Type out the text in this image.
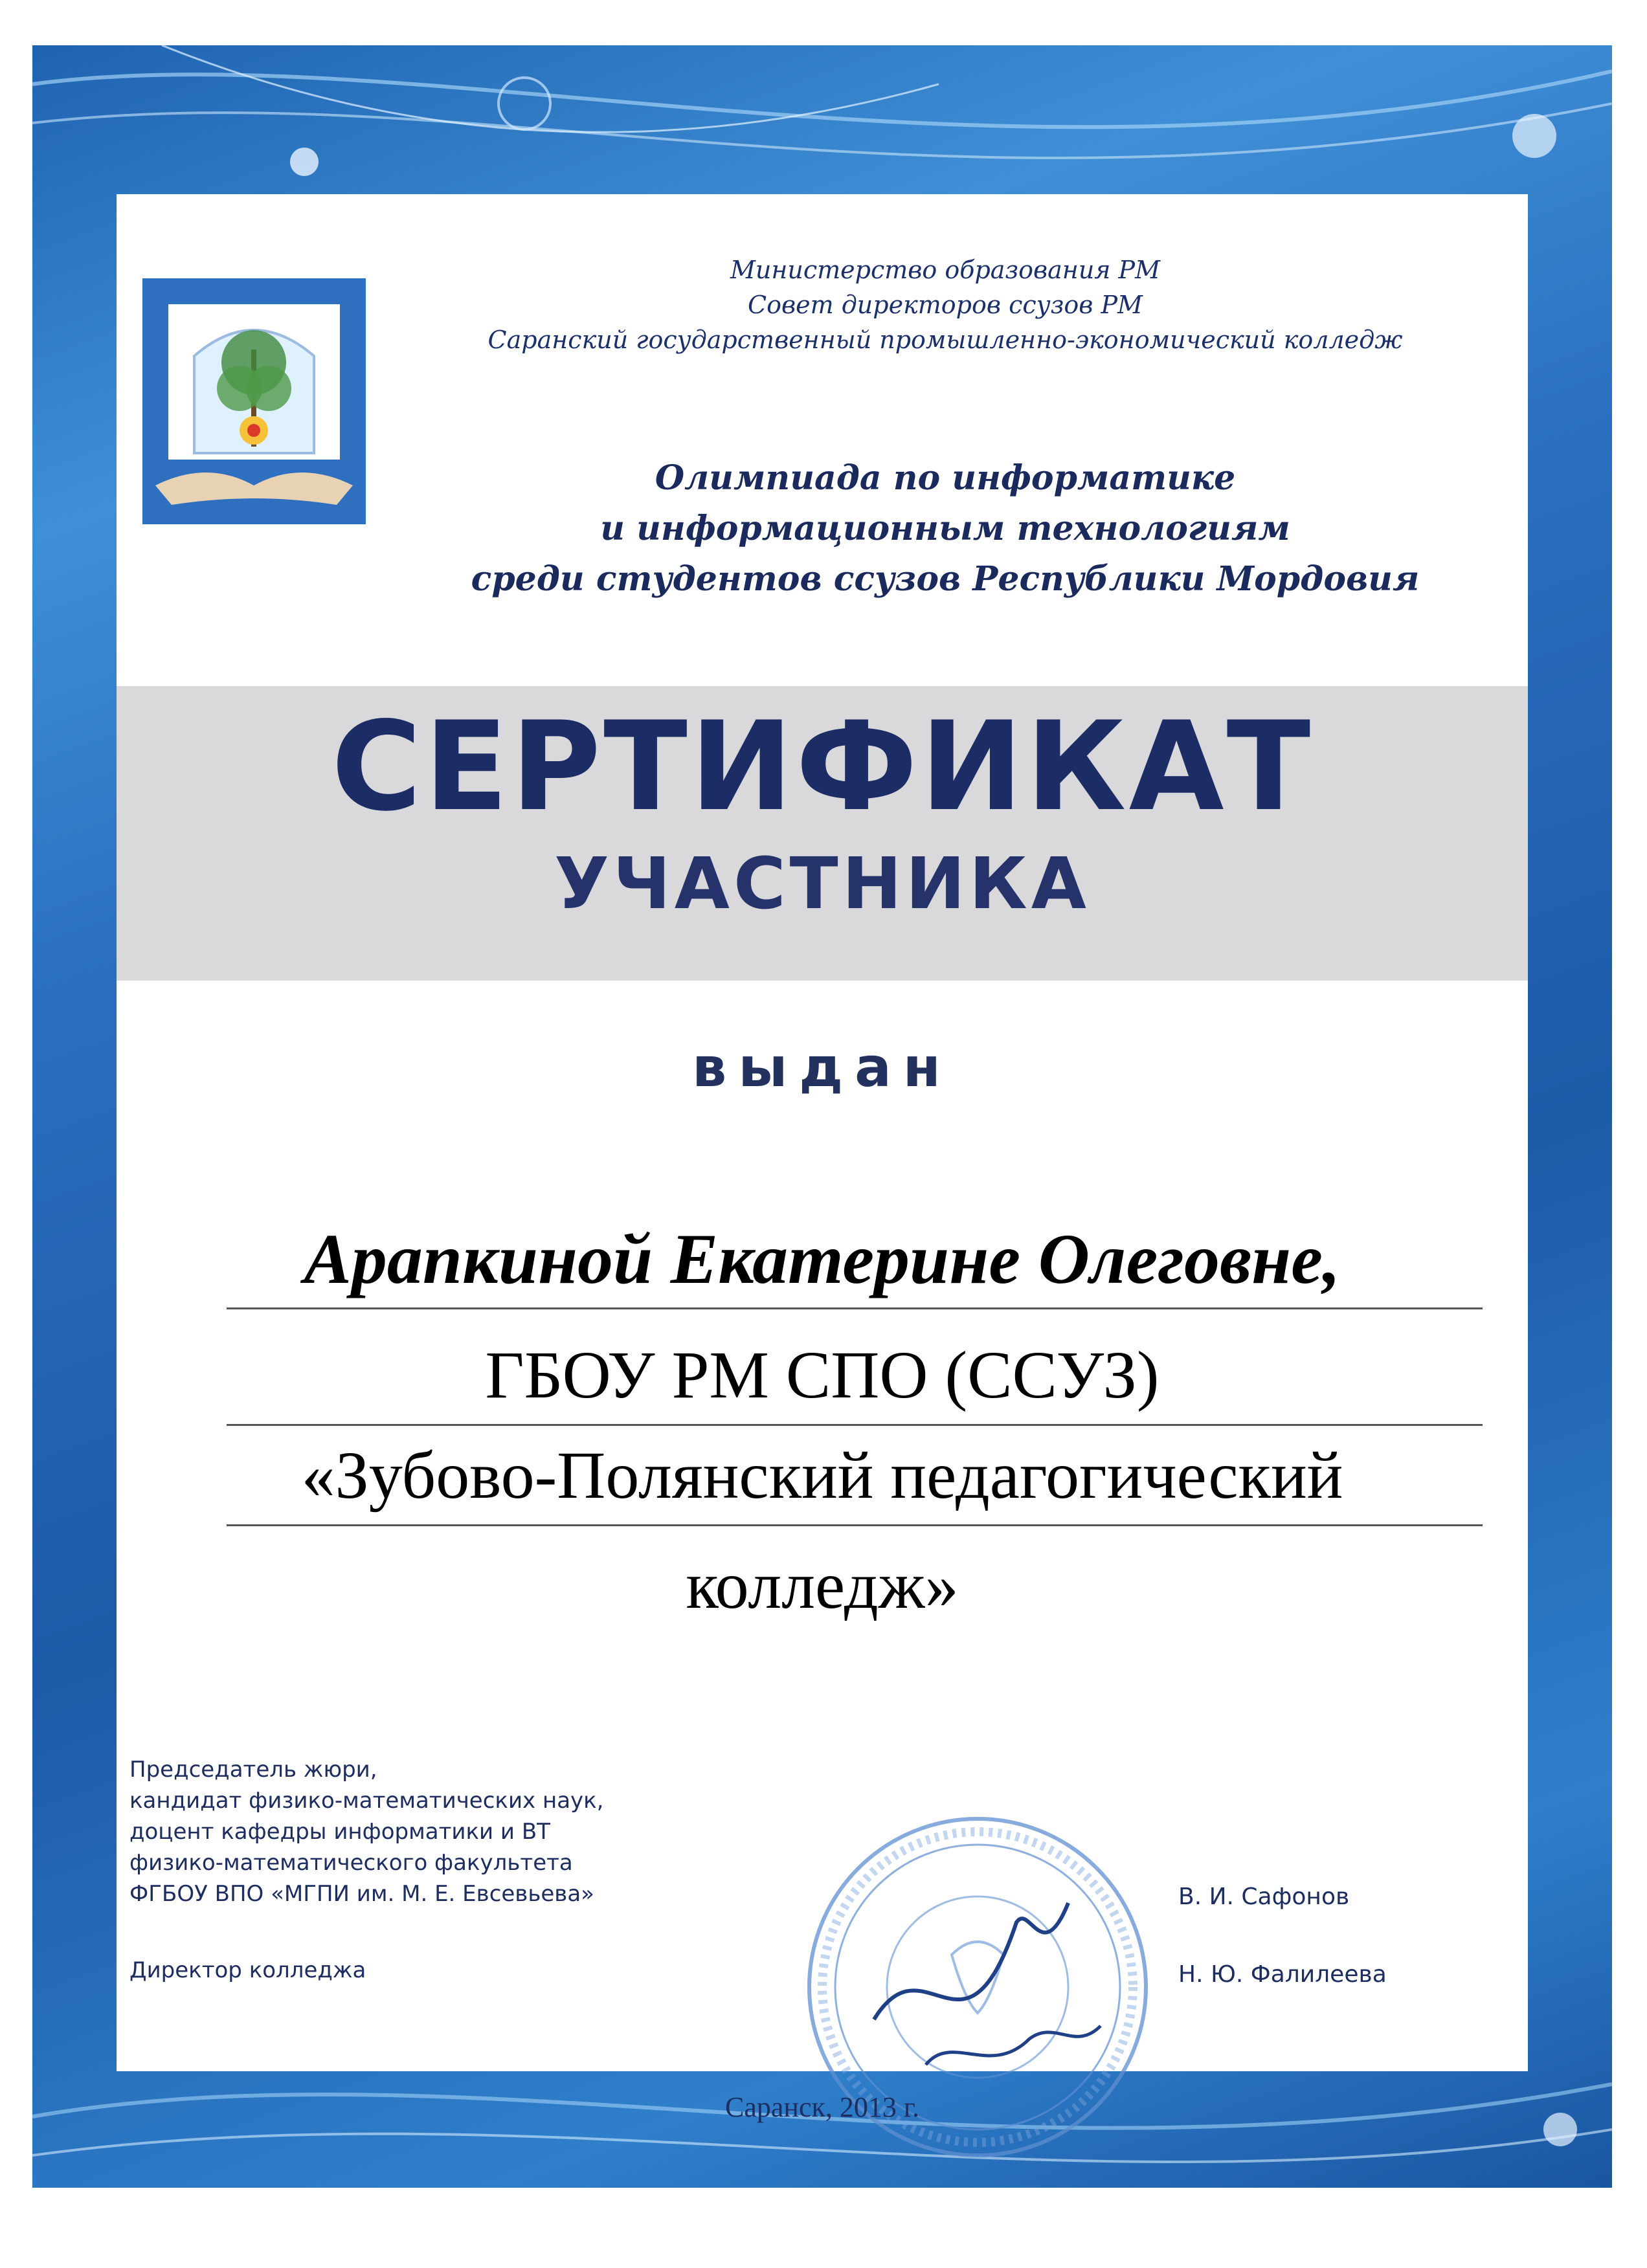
Министерство образования РМ
Совет директоров ссузов РМ
Саранский государственный промышленно-экономический колледж
Олимпиада по информатике
и информационным технологиям
среди студентов ссузов Республики Мордовия
СЕРТИФИКАТ
УЧАСТНИКА
выдан
Арапкиной Екатерине Олеговне,
ГБОУ РМ СПО (ССУЗ)
«Зубово-Полянский педагогический
колледж»
Председатель жюри,
кандидат физико-математических наук,
доцент кафедры информатики и ВТ
физико-математического факультета
ФГБОУ ВПО «МГПИ им. М. Е. Евсевьева»
Директор колледжа
В. И. Сафонов
Н. Ю. Фалилеева
Саранск, 2013 г.
